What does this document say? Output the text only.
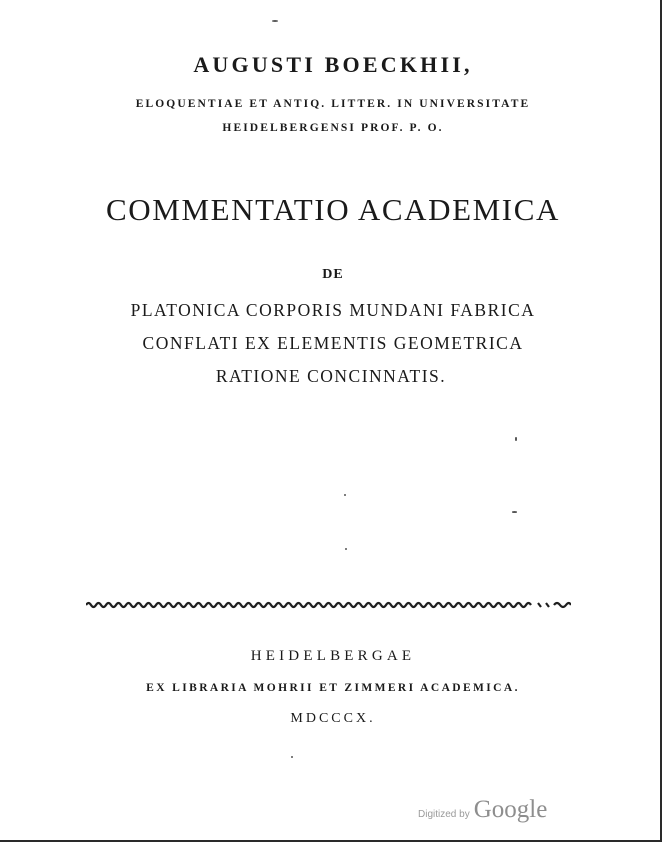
AUGUSTI BOECKHII,
ELOQUENTIAE ET ANTIQ. LITTER. IN UNIVERSITATE
HEIDELBERGENSI PROF. P. O.
COMMENTATIO ACADEMICA
DE
PLATONICA CORPORIS MUNDANI FABRICA
CONFLATI EX ELEMENTIS GEOMETRICA
RATIONE CONCINNATIS.
HEIDELBERGAE
EX LIBRARIA MOHRII ET ZIMMERI ACADEMICA.
MDCCCX.
Digitized by Google
